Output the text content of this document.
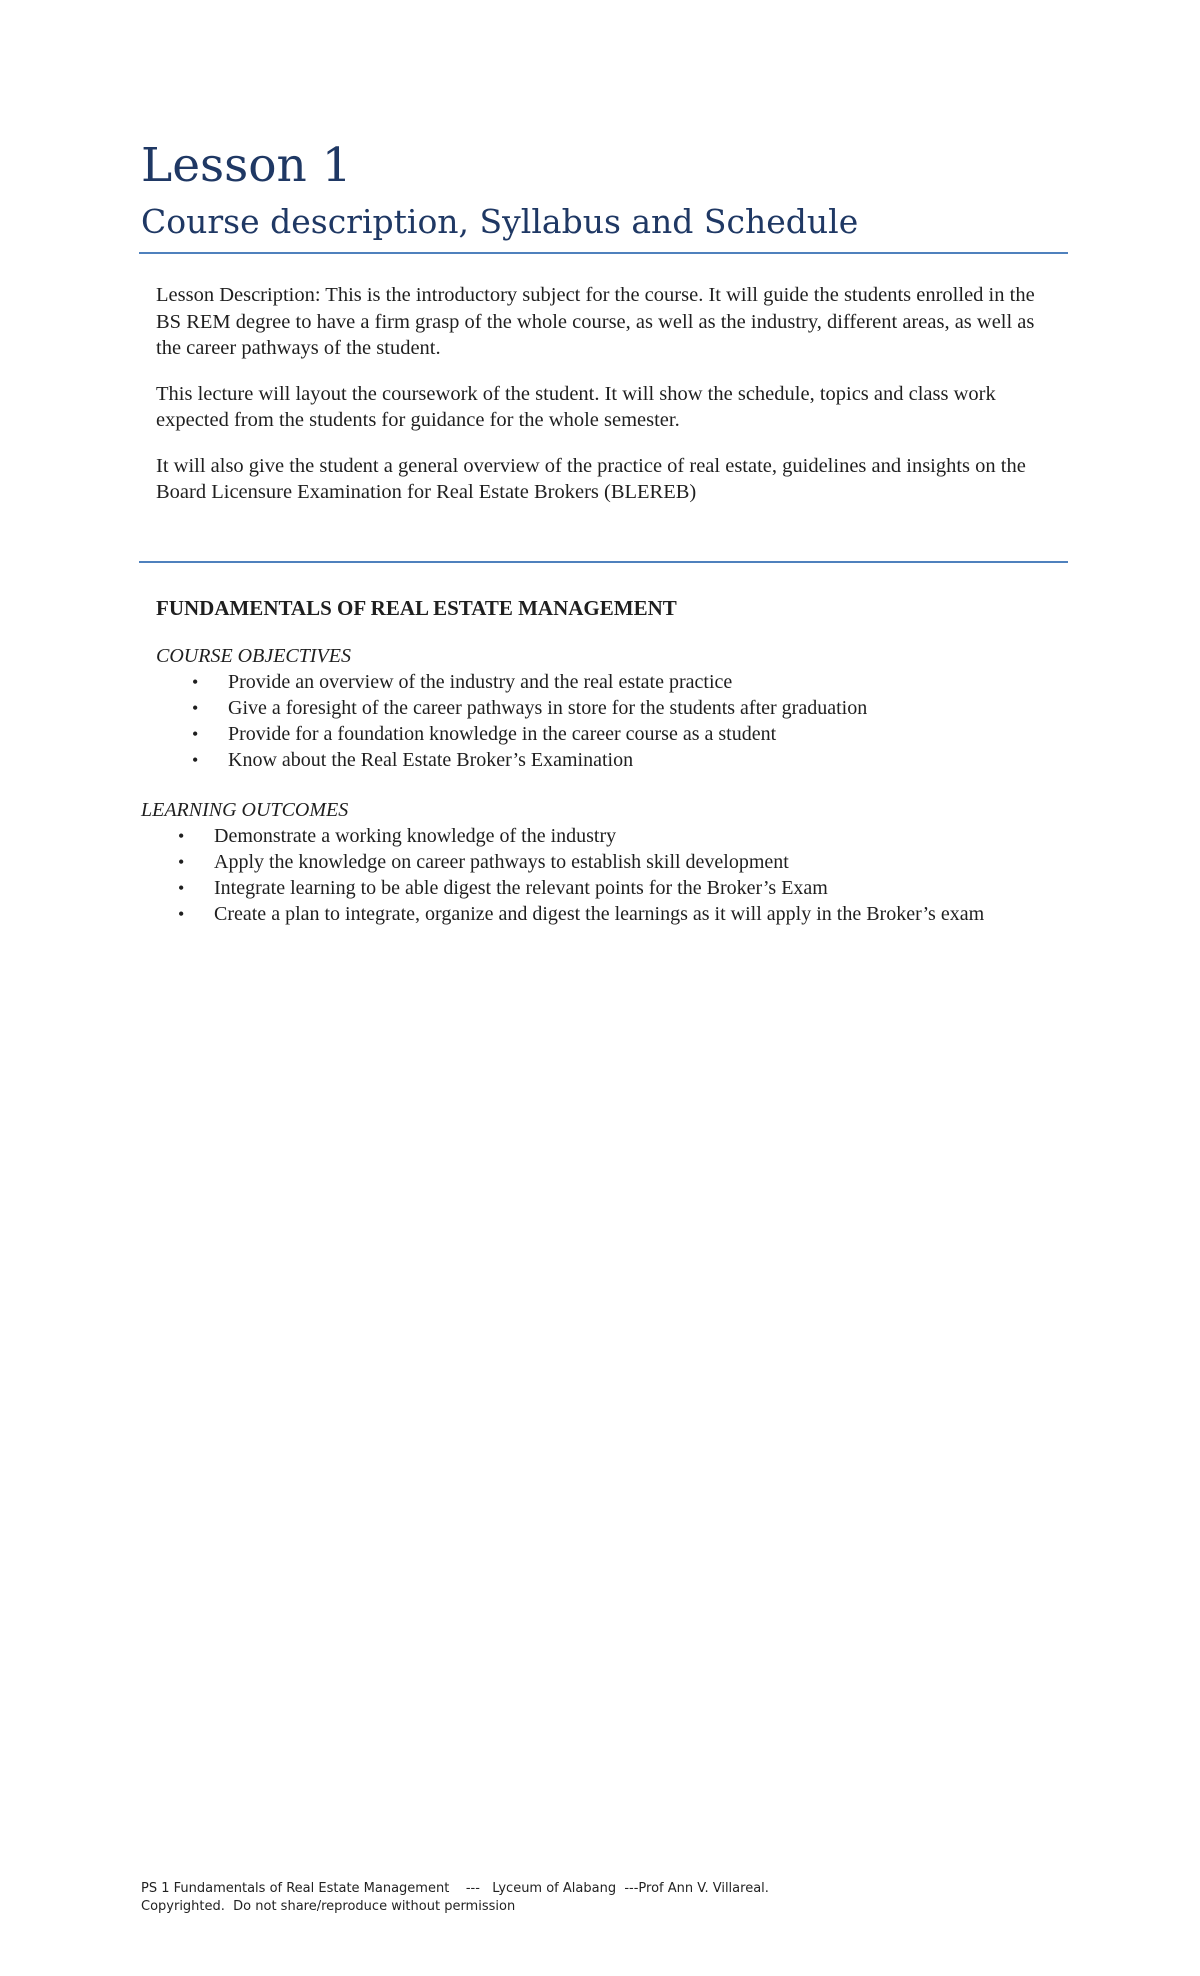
Lesson 1
Course description, Syllabus and Schedule

Lesson Description: This is the introductory subject for the course. It will guide the students enrolled in the BS REM degree to have a firm grasp of the whole course, as well as the industry, different areas, as well as the career pathways of the student.

This lecture will layout the coursework of the student. It will show the schedule, topics and class work expected from the students for guidance for the whole semester.

It will also give the student a general overview of the practice of real estate, guidelines and insights on the Board Licensure Examination for Real Estate Brokers (BLEREB)

FUNDAMENTALS OF REAL ESTATE MANAGEMENT
COURSE OBJECTIVES
• Provide an overview of the industry and the real estate practice
• Give a foresight of the career pathways in store for the students after graduation
• Provide for a foundation knowledge in the career course as a student
• Know about the Real Estate Broker’s Examination
LEARNING OUTCOMES
• Demonstrate a working knowledge of the industry
• Apply the knowledge on career pathways to establish skill development
• Integrate learning to be able digest the relevant points for the Broker’s Exam
• Create a plan to integrate, organize and digest the learnings as it will apply in the Broker’s exam
PS 1 Fundamentals of Real Estate Management    ---   Lyceum of Alabang  ---Prof Ann V. Villareal.
Copyrighted.  Do not share/reproduce without permission
